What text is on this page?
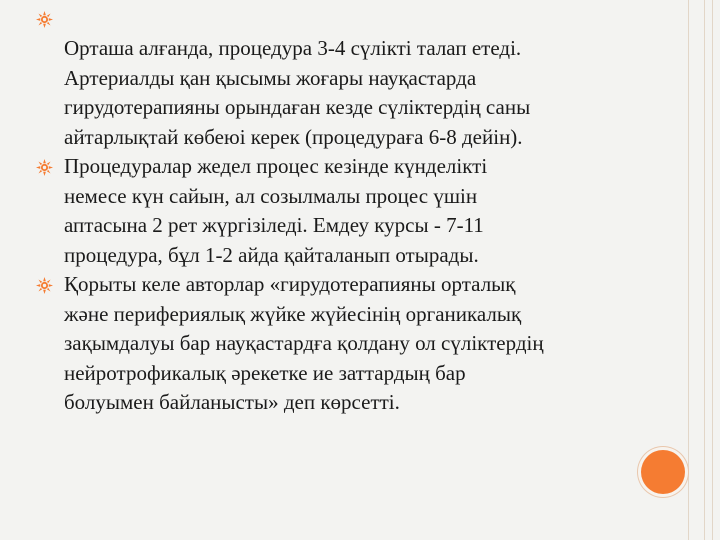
Орташа алғанда, процедура 3-4 сүлікті талап етеді.
Артериалды қан қысымы жоғары науқастарда
гирудотерапияны орындаған кезде сүліктердің саны
айтарлықтай көбеюі керек (процедураға 6-8 дейін).
Процедуралар жедел процес кезінде күнделікті
немесе күн сайын, ал созылмалы процес үшін
аптасына 2 рет жүргізіледі. Емдеу курсы - 7-11
процедура, бұл 1-2 айда қайталанып отырады.
Қорыты келе авторлар «гирудотерапияны орталық
және перифериялық жүйке жүйесінің органикалық
зақымдалуы бар науқастардға қолдану ол сүліктердің
нейротрофикалық әрекетке ие заттардың бар
болуымен байланысты» деп көрсетті.
